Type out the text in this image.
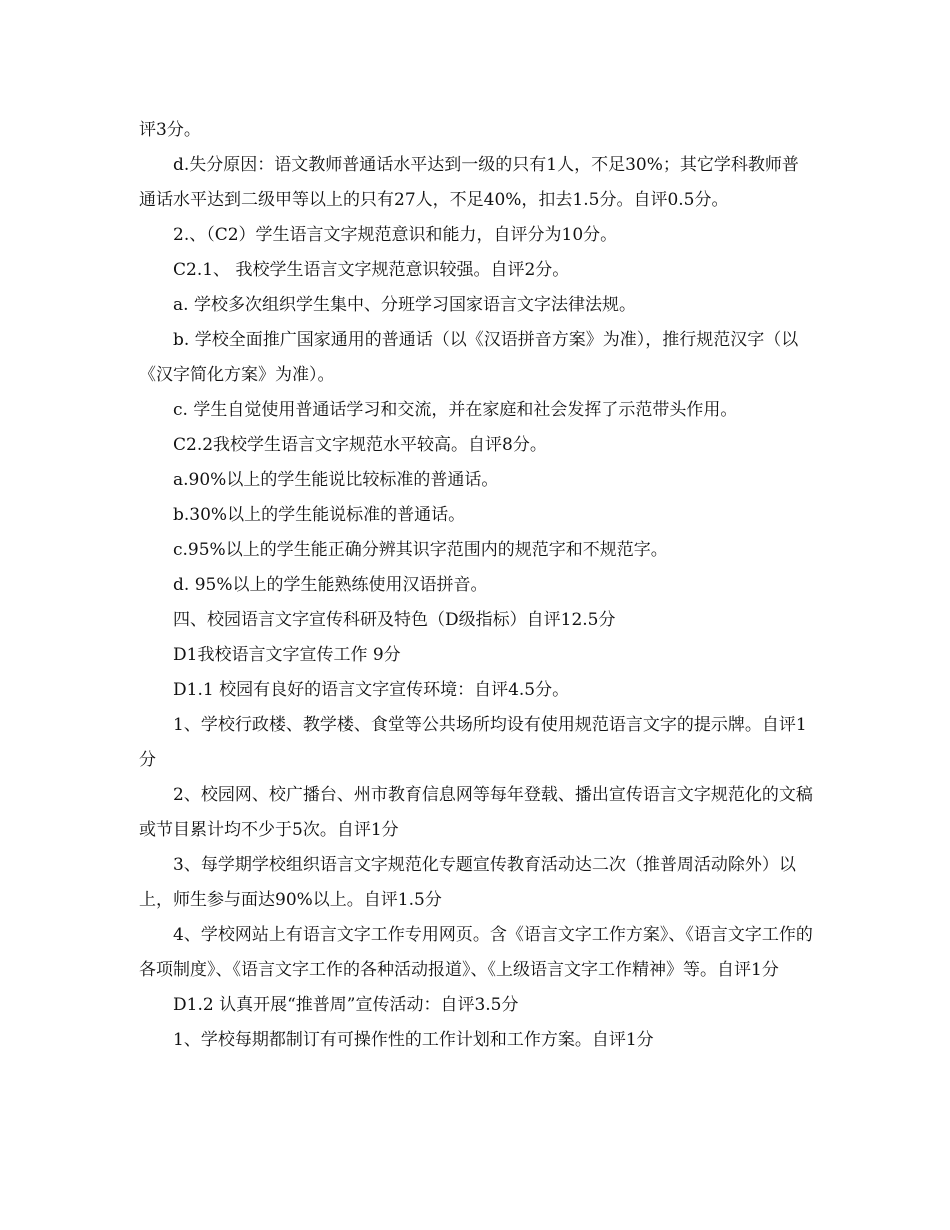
评3分。

d.失分原因：语文教师普通话水平达到一级的只有1人，不足30%；其它学科教师普通话水平达到二级甲等以上的只有27人，不足40%，扣去1.5分。自评0.5分。

2.、（C2）学生语言文字规范意识和能力，自评分为10分。

C2.1、 我校学生语言文字规范意识较强。自评2分。

a. 学校多次组织学生集中、分班学习国家语言文字法律法规。

b. 学校全面推广国家通用的普通话（以《汉语拼音方案》为准），推行规范汉字（以《汉字简化方案》为准）。

c. 学生自觉使用普通话学习和交流，并在家庭和社会发挥了示范带头作用。

C2.2我校学生语言文字规范水平较高。自评8分。

a.90%以上的学生能说比较标准的普通话。

b.30%以上的学生能说标准的普通话。

c.95%以上的学生能正确分辨其识字范围内的规范字和不规范字。

d. 95%以上的学生能熟练使用汉语拼音。

四、校园语言文字宣传科研及特色（D级指标）自评12.5分

D1我校语言文字宣传工作 9分

D1.1 校园有良好的语言文字宣传环境：自评4.5分。

1、学校行政楼、教学楼、食堂等公共场所均设有使用规范语言文字的提示牌。自评1分

2、校园网、校广播台、州市教育信息网等每年登载、播出宣传语言文字规范化的文稿或节目累计均不少于5次。自评1分

3、每学期学校组织语言文字规范化专题宣传教育活动达二次（推普周活动除外）以上，师生参与面达90%以上。自评1.5分

4、学校网站上有语言文字工作专用网页。含《语言文字工作方案》、《语言文字工作的各项制度》、《语言文字工作的各种活动报道》、《上级语言文字工作精神》等。自评1分

D1.2 认真开展“推普周”宣传活动：自评3.5分

1、学校每期都制订有可操作性的工作计划和工作方案。自评1分
